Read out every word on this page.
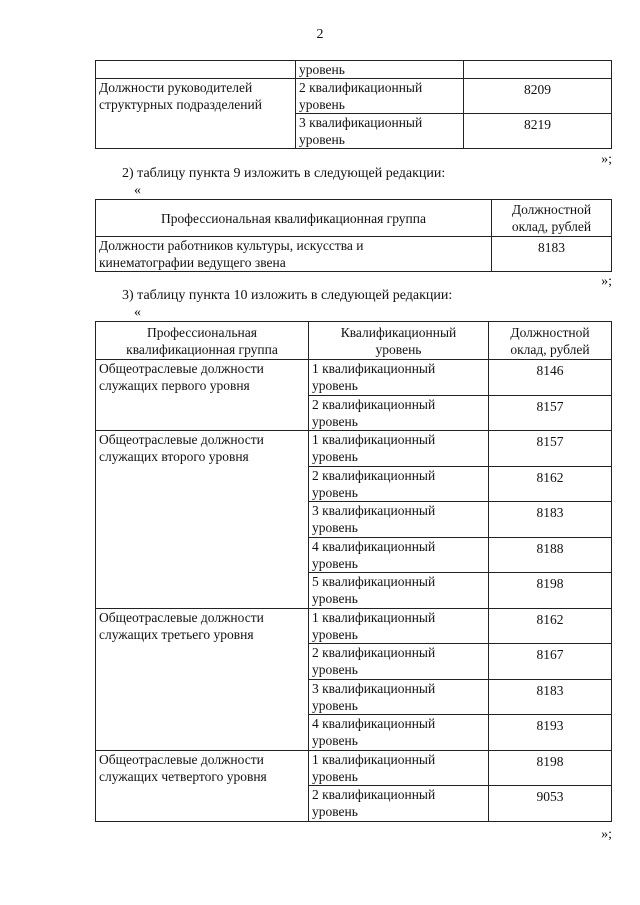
2
	уровень	
Должности руководителей
структурных подразделений	2 квалификационный
уровень	8209
	3 квалификационный
уровень	8219
»;
2) таблицу пункта 9 изложить в следующей редакции:
«
Профессиональная квалификационная группа	Должностной
оклад, рублей
Должности работников культуры, искусства и
кинематографии ведущего звена	8183
»;
3) таблицу пункта 10 изложить в следующей редакции:
«
Профессиональная
квалификационная группа	Квалификационный
уровень	Должностной
оклад, рублей
Общеотраслевые должности
служащих первого уровня	1 квалификационный
уровень	8146
	2 квалификационный
уровень	8157
Общеотраслевые должности
служащих второго уровня	1 квалификационный
уровень	8157
	2 квалификационный
уровень	8162
	3 квалификационный
уровень	8183
	4 квалификационный
уровень	8188
	5 квалификационный
уровень	8198
Общеотраслевые должности
служащих третьего уровня	1 квалификационный
уровень	8162
	2 квалификационный
уровень	8167
	3 квалификационный
уровень	8183
	4 квалификационный
уровень	8193
Общеотраслевые должности
служащих четвертого уровня	1 квалификационный
уровень	8198
	2 квалификационный
уровень	9053
»;
